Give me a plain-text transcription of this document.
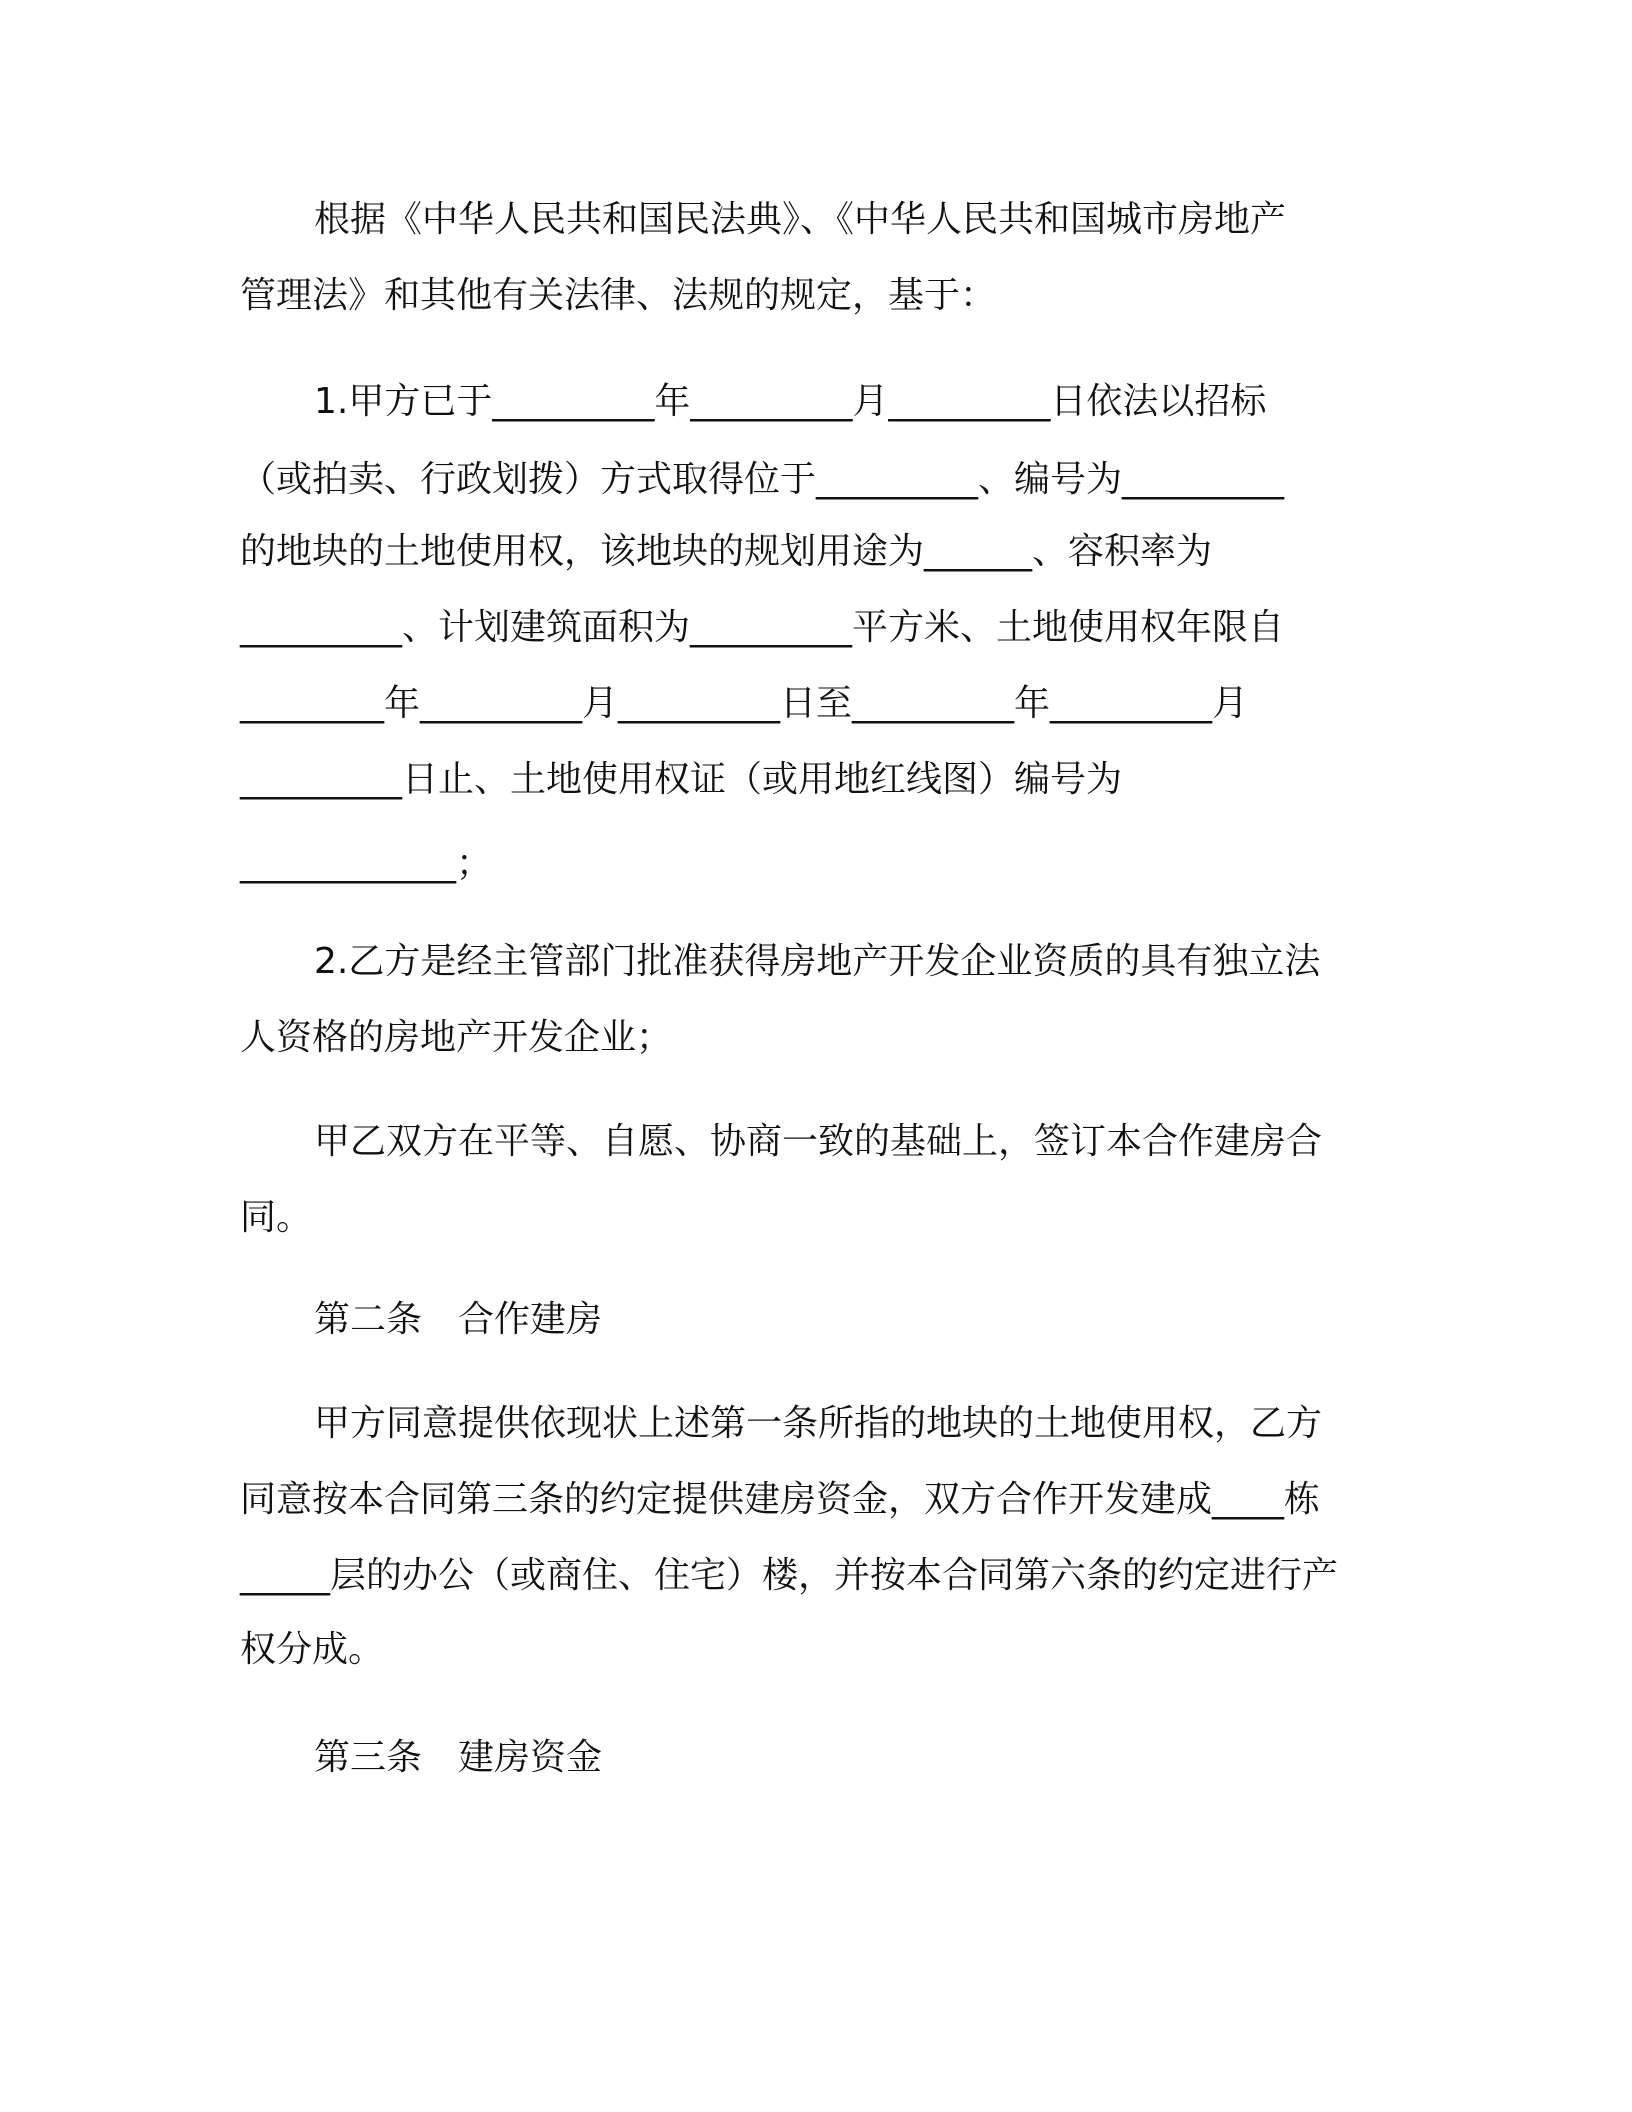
根据《中华人民共和国民法典》、《中华人民共和国城市房地产
管理法》和其他有关法律、法规的规定，基于：
1.甲方已于_________年_________月_________日依法以招标
（或拍卖、行政划拨）方式取得位于_________、编号为_________
的地块的土地使用权，该地块的规划用途为______、容积率为
_________、计划建筑面积为_________平方米、土地使用权年限自
________年_________月_________日至_________年_________月
_________日止、土地使用权证（或用地红线图）编号为
____________；
2.乙方是经主管部门批准获得房地产开发企业资质的具有独立法
人资格的房地产开发企业；
甲乙双方在平等、自愿、协商一致的基础上，签订本合作建房合
同。
第二条　合作建房
甲方同意提供依现状上述第一条所指的地块的土地使用权，乙方
同意按本合同第三条的约定提供建房资金，双方合作开发建成____栋
_____层的办公（或商住、住宅）楼，并按本合同第六条的约定进行产
权分成。
第三条　建房资金
